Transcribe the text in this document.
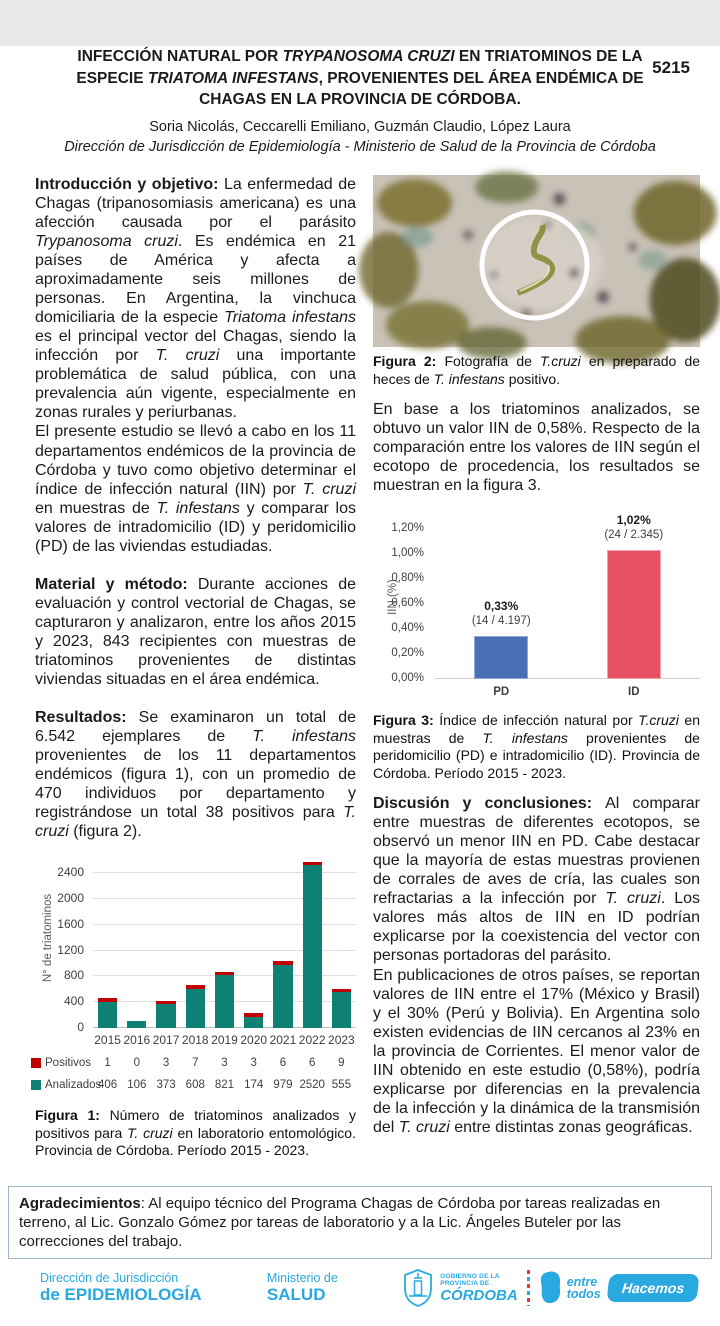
5215
INFECCIÓN NATURAL POR TRYPANOSOMA CRUZI EN TRIATOMINOS DE LA ESPECIE TRIATOMA INFESTANS, PROVENIENTES DEL ÁREA ENDÉMICA DE CHAGAS EN LA PROVINCIA DE CÓRDOBA.
Soria Nicolás, Ceccarelli Emiliano, Guzmán Claudio, López Laura
Dirección de Jurisdicción de Epidemiología - Ministerio de Salud de la Provincia de Córdoba

Introducción y objetivo: La enfermedad de Chagas (tripanosomiasis americana) es una afección causada por el parásito Trypanosoma cruzi. Es endémica en 21 países de América y afecta a aproximadamente seis millones de personas. En Argentina, la vinchuca domiciliaria de la especie Triatoma infestans es el principal vector del Chagas, siendo la infección por T. cruzi una importante problemática de salud pública, con una prevalencia aún vigente, especialmente en zonas rurales y periurbanas.
El presente estudio se llevó a cabo en los 11 departamentos endémicos de la provincia de Córdoba y tuvo como objetivo determinar el índice de infección natural (IIN) por T. cruzi en muestras de T. infestans y comparar los valores de intradomicilio (ID) y peridomicilio (PD) de las viviendas estudiadas.

Material y método: Durante acciones de evaluación y control vectorial de Chagas, se capturaron y analizaron, entre los años 2015 y 2023, 843 recipientes con muestras de triatominos provenientes de distintas viviendas situadas en el área endémica.

Resultados: Se examinaron un total de 6.542 ejemplares de T. infestans provenientes de los 11 departamentos endémicos (figura 1), con un promedio de 470 individuos por departamento y registrándose un total 38 positivos para T. cruzi (figura 2).

N° de triatominos
0
400
800
1200
1600
2000
2400
2015 2016 2017 2018 2019 2020 2021 2022 2023
Positivos	1	0	3	7	3	3	6	6	9
Analizados
406 106 373 608 821 174 979 2520 555

Figura 1: Número de triatominos analizados y positivos para T. cruzi en laboratorio entomológico. Provincia de Córdoba. Período 2015 - 2023.

Figura 2: Fotografía de T.cruzi en preparado de heces de T. infestans positivo.

En base a los triatominos analizados, se obtuvo un valor IIN de 0,58%. Respecto de la comparación entre los valores de IIN según el ecotopo de procedencia, los resultados se muestran en la figura 3.

IIN (%)
0,00%
0,20%
0,40%
0,60%
0,80%
1,00%
1,20%
0,33%
(14 / 4.197)
1,02%
(24 / 2.345)
PD	ID

Figura 3: Índice de infección natural por T.cruzi en muestras de T. infestans provenientes de peridomicilio (PD) e intradomicilio (ID). Provincia de Córdoba. Período 2015 - 2023.

Discusión y conclusiones: Al comparar entre muestras de diferentes ecotopos, se observó un menor IIN en PD. Cabe destacar que la mayoría de estas muestras provienen de corrales de aves de cría, las cuales son refractarias a la infección por T. cruzi. Los valores más altos de IIN en ID podrían explicarse por la coexistencia del vector con personas portadoras del parásito.
En publicaciones de otros países, se reportan valores de IIN entre el 17% (México y Brasil) y el 30% (Perú y Bolivia). En Argentina solo existen evidencias de IIN cercanos al 23% en la provincia de Corrientes. El menor valor de IIN obtenido en este estudio (0,58%), podría explicarse por diferencias en la prevalencia de la infección y la dinámica de la transmisión del T. cruzi entre distintas zonas geográficas.

Agradecimientos: Al equipo técnico del Programa Chagas de Córdoba por tareas realizadas en terreno, al Lic. Gonzalo Gómez por tareas de laboratorio y a la Lic. Ángeles Buteler por las correcciones del trabajo.
Dirección de Jurisdicción
de EPIDEMIOLOGÍA
Ministerio de
SALUD
GOBIERNO DE LA
PROVINCIA DE
CÓRDOBA
entre
todos	Hacemos
